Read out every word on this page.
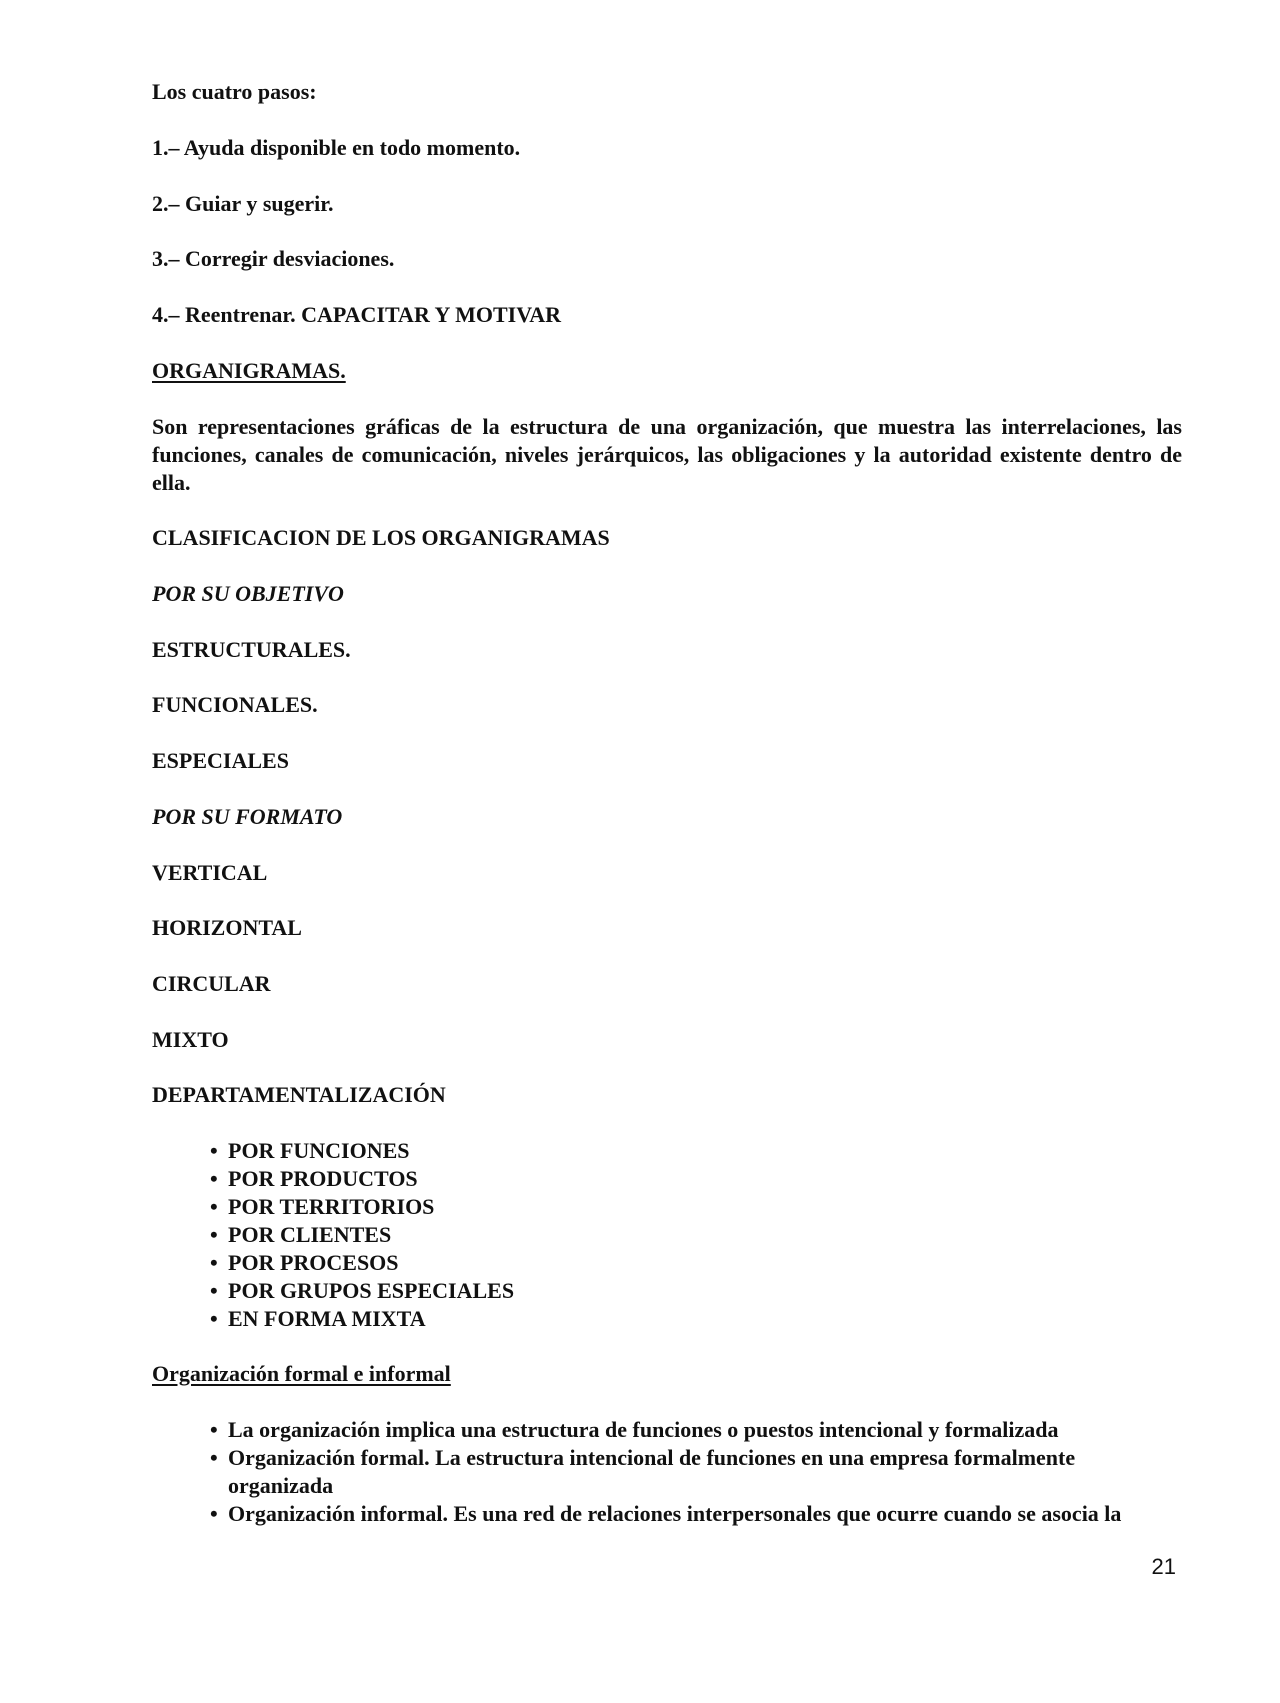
Los cuatro pasos:
1.– Ayuda disponible en todo momento.
2.– Guiar y sugerir.
3.– Corregir desviaciones.
4.– Reentrenar. CAPACITAR Y MOTIVAR
ORGANIGRAMAS.
Son representaciones gráficas de la estructura de una organización, que muestra las interrelaciones, las funciones, canales de comunicación, niveles jerárquicos, las obligaciones y la autoridad existente dentro de ella.
CLASIFICACION DE LOS ORGANIGRAMAS
POR SU OBJETIVO
ESTRUCTURALES.
FUNCIONALES.
ESPECIALES
POR SU FORMATO
VERTICAL
HORIZONTAL
CIRCULAR
MIXTO
DEPARTAMENTALIZACIÓN
• POR FUNCIONES
• POR PRODUCTOS
• POR TERRITORIOS
• POR CLIENTES
• POR PROCESOS
• POR GRUPOS ESPECIALES
• EN FORMA MIXTA
Organización formal e informal
• La organización implica una estructura de funciones o puestos intencional y formalizada
• Organización formal. La estructura intencional de funciones en una empresa formalmente organizada
• Organización informal. Es una red de relaciones interpersonales que ocurre cuando se asocia la
21
